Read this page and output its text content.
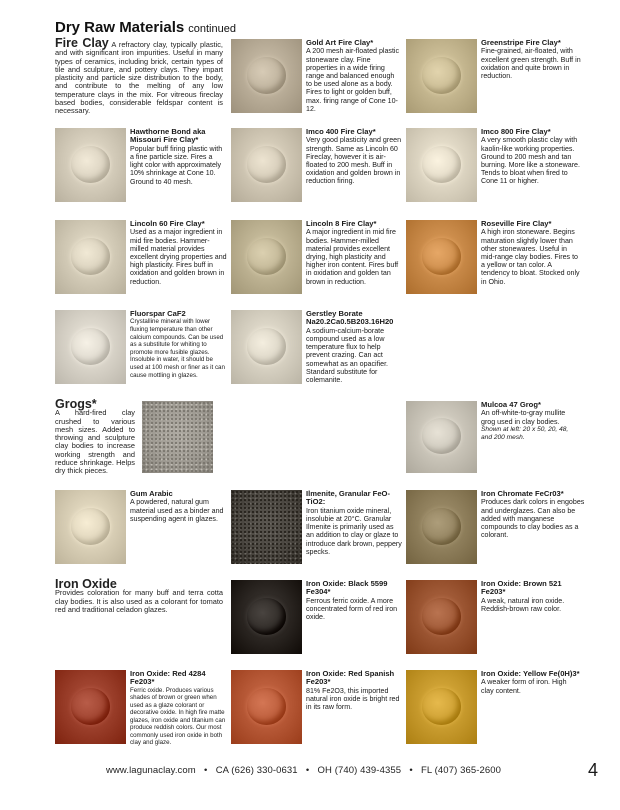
Dry Raw Materials continued
Fire Clay A refractory clay, typically plastic, and with significant iron impurities. Useful in many types of ceramics, including brick, certain types of tile and sculpture, and pottery clays. They impart plasticity and particle size distribution to the body, and contribute to the melting of any low temperature clays in the mix. For vitreous fireclay based bodies, considerable feldspar content is necessary.
Gold Art Fire Clay*
A 200 mesh air-floated plastic stoneware clay. Fine properties in a wide firing range and balanced enough to be used alone as a body. Fires to light or golden buff, max. firing range of Cone 10-12.
Greenstripe Fire Clay*
Fine-grained, air-floated, with excellent green strength. Buff in oxidation and quite brown in reduction.
Hawthorne Bond aka Missouri Fire Clay*
Popular buff firing plastic with a fine particle size. Fires a light color with approximately 10% shrinkage at Cone 10. Ground to 40 mesh.
Imco 400 Fire Clay*
Very good plasticity and green strength. Same as Lincoln 60 Fireclay, however it is air-floated to 200 mesh. Buff in oxidation and golden brown in reduction firing.
Imco 800 Fire Clay*
A very smooth plastic clay with kaolin-like working properties. Ground to 200 mesh and tan burning. More like a stoneware. Tends to bloat when fired to Cone 11 or higher.
Lincoln 60 Fire Clay*
Used as a major ingredient in mid fire bodies. Hammer-milled material provides excellent drying properties and high plasticity. Fires buff in oxidation and golden brown in reduction.
Lincoln 8 Fire Clay*
A major ingredient in mid fire bodies. Hammer-milled material provides excellent drying, high plasticity and higher iron content. Fires buff in oxidation and golden tan brown in reduction.
Roseville Fire Clay*
A high iron stoneware. Begins maturation slightly lower than other stonewares. Useful in mid-range clay bodies. Fires to a yellow or tan color. A tendency to bloat. Stocked only in Ohio.
Fluorspar CaF2
Crystalline mineral with lower fluxing temperature than other calcium compounds. Can be used as a substitute for whiting to promote more fusible glazes. Insoluble in water, it should be used at 100 mesh or finer as it can cause mottling in glazes.
Gerstley Borate Na20.2Ca0.5B203.16H20
A sodium-calcium-borate compound used as a low temperature flux to help prevent crazing. Can act somewhat as an opacifier. Standard substitute for colemanite.
Grogs*
A hard-fired clay crushed to various mesh sizes. Added to throwing and sculpture clay bodies to increase working strength and reduce shrinkage. Helps dry thick pieces.
Mulcoa 47 Grog*
An off-white-to-gray mullite grog used in clay bodies.
Shown at left: 20 x 50, 20, 48, and 200 mesh.
Gum Arabic
A powdered, natural gum material used as a binder and suspending agent in glazes.
Ilmenite, Granular FeO-TiO2:
Iron titanium oxide mineral, insolubie at 20°C. Granular Ilmenite is primarily used as an addition to clay or glaze to introduce dark brown, peppery specks.
Iron Chromate FeCr03*
Produces dark colors in engobes and underglazes. Can also be added with manganese compounds to clay bodies as a colorant.
Iron Oxide
Provides coloration for many buff and terra cotta clay bodies. It is also used as a colorant for tomato red and traditional celadon glazes.
Iron Oxide: Black 5599 Fe304*
Ferrous ferric oxide. A more concentrated form of red iron oxide.
Iron Oxide: Brown 521 Fe203*
A weak, natural iron oxide. Reddish-brown raw color.
Iron Oxide: Red 4284 Fe203*
Ferric oxide. Produces various shades of brown or green when used as a glaze colorant or decorative oxide. In high fire matte glazes, iron oxide and titanium can produce reddish colors. Our most commonly used iron oxide in both clay and glaze.
Iron Oxide: Red Spanish Fe203*
81% Fe2O3, this imported natural iron oxide is bright red in its raw form.
Iron Oxide: Yellow Fe(0H)3*
A weaker form of iron. High clay content.
www.lagunaclay.com • CA (626) 330-0631 • OH (740) 439-4355 • FL (407) 365-2600	4
